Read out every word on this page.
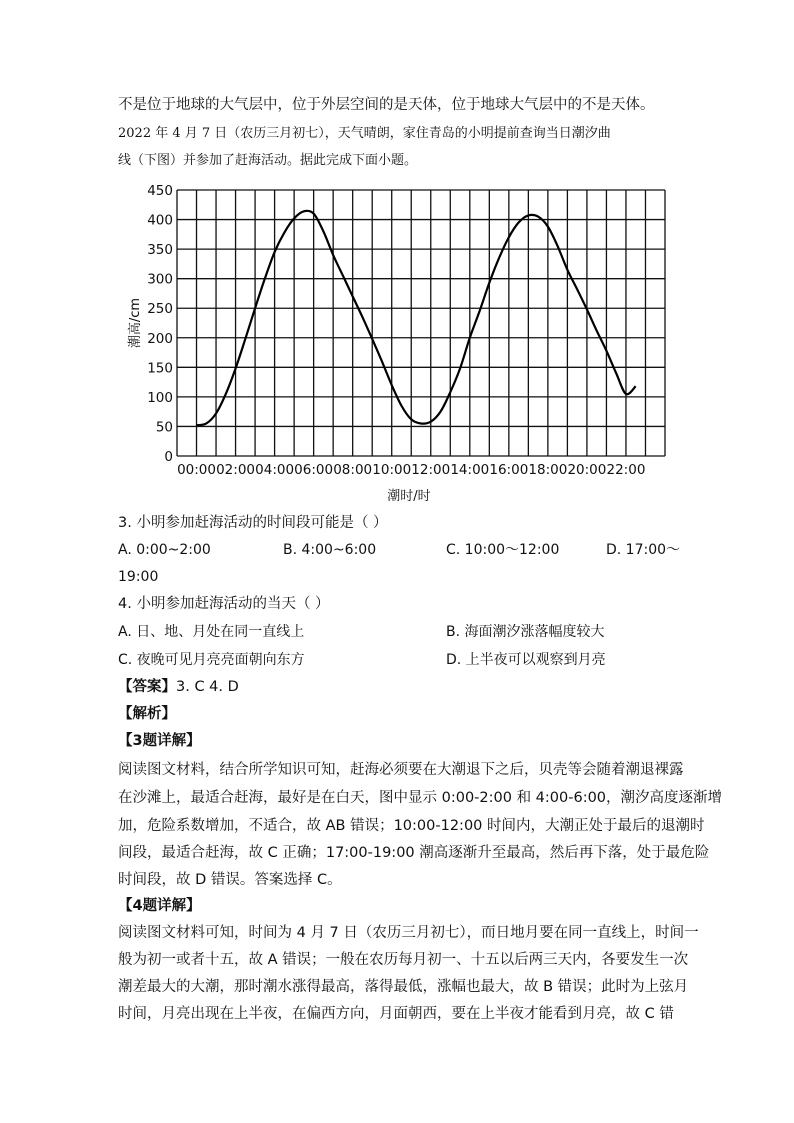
不是位于地球的大气层中，位于外层空间的是天体，位于地球大气层中的不是天体。
2022 年 4 月 7 日（农历三月初七），天气晴朗，家住青岛的小明提前查询当日潮汐曲
线（下图）并参加了赶海活动。据此完成下面小题。
0
50
100
150
200
250
300
350
400
450
00:00 02:00 04:00 06:00 08:00 10:00 12:00 14:00 16:00 18:00 20:00 22:00
潮时/时
潮高/cm
3. 小明参加赶海活动的时间段可能是（ ）
A. 0:00~2:00	B. 4:00~6:00	C. 10:00～12:00	D. 17:00～
19:00
4. 小明参加赶海活动的当天（ ）
A. 日、地、月处在同一直线上	B. 海面潮汐涨落幅度较大
C. 夜晚可见月亮亮面朝向东方	D. 上半夜可以观察到月亮
【答案】3. C 4. D
【解析】
【3题详解】
阅读图文材料，结合所学知识可知，赶海必须要在大潮退下之后，贝壳等会随着潮退裸露
在沙滩上，最适合赶海，最好是在白天，图中显示 0:00-2:00 和 4:00-6:00，潮汐高度逐渐增
加，危险系数增加，不适合，故 AB 错误；10:00-12:00 时间内，大潮正处于最后的退潮时
间段，最适合赶海，故 C 正确；17:00-19:00 潮高逐渐升至最高，然后再下落，处于最危险
时间段，故 D 错误。答案选择 C。
【4题详解】
阅读图文材料可知，时间为 4 月 7 日（农历三月初七），而日地月要在同一直线上，时间一
般为初一或者十五，故 A 错误；一般在农历每月初一、十五以后两三天内，各要发生一次
潮差最大的大潮，那时潮水涨得最高，落得最低，涨幅也最大，故 B 错误；此时为上弦月
时间，月亮出现在上半夜，在偏西方向，月面朝西，要在上半夜才能看到月亮，故 C 错
